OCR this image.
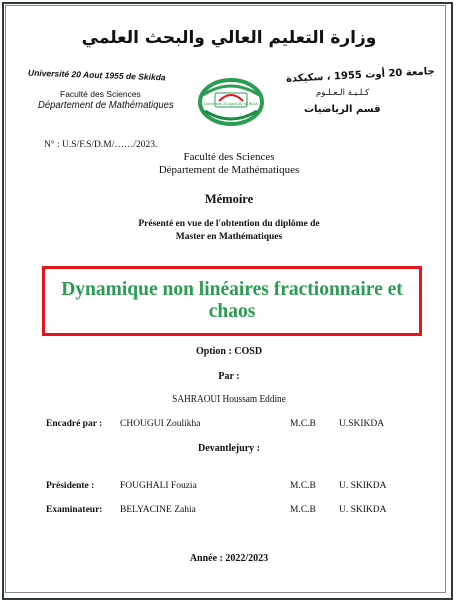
وزارة التعليم العالي والبحث العلمي
Université 20 Aout 1955 de Skikda
Faculté des Sciences
Département de Mathématiques
جامعة 20 أوت 1955 ، سكيكدة
كـلـيـة الـعـلـوم
قسم الرياضيات
Université 20 Août 55 SKIKDA
N° : U.S/F.S/D.M/……/2023.
Faculté des Sciences
Département de Mathématiques
Mémoire
Présenté en vue de l'obtention du diplôme de
Master en Mathématiques
Dynamique non linéaires fractionnaire et chaos
Option : COSD
Par :
SAHRAOUI Houssam Eddine
Encadré par : CHOUGUI Zoulikha	M.C.B U.SKIKDA
Devantlejury :
Présidente :	FOUGHALI Fouzia	M.C.B U. SKIKDA
Examinateur: BELYACINE Zahia	M.C.B U. SKIKDA
Année : 2022/2023
